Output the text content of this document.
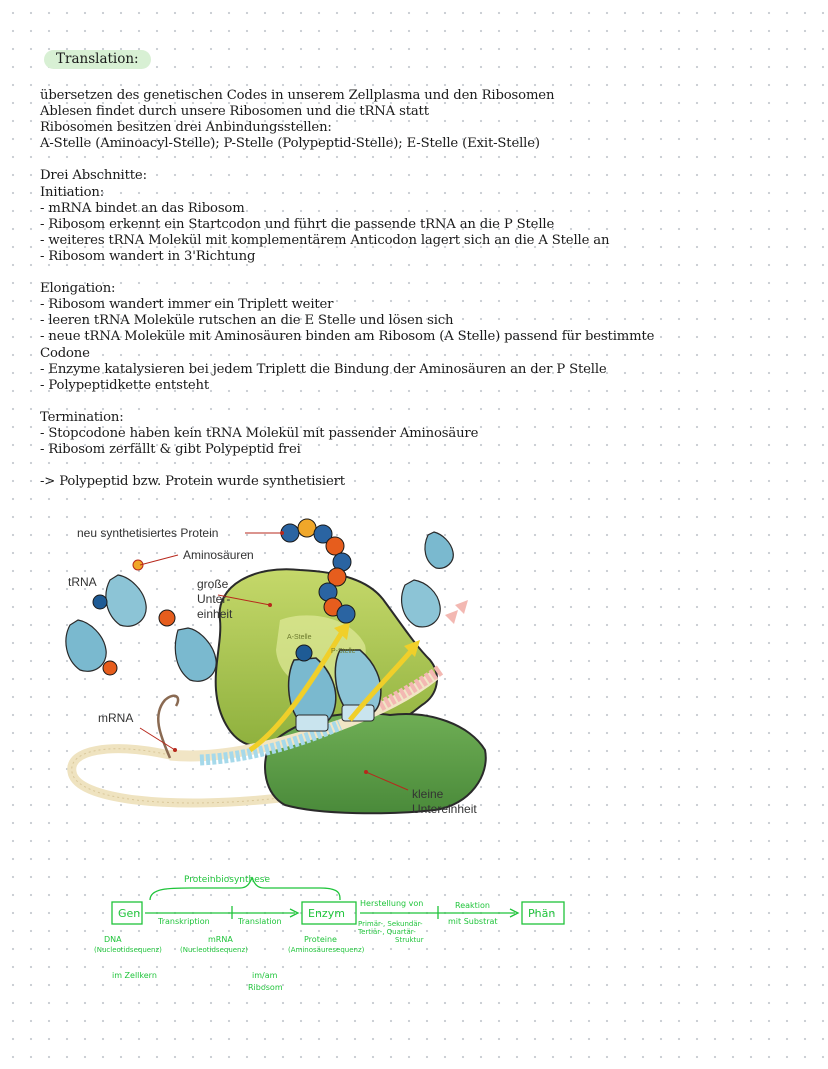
Translation:
übersetzen des genetischen Codes in unserem Zellplasma und den Ribosomen
Ablesen findet durch unsere Ribosomen und die tRNA statt
Ribosomen besitzen drei Anbindungsstellen:
A-Stelle (Aminoacyl-Stelle); P-Stelle (Polypeptid-Stelle); E-Stelle (Exit-Stelle)
Drei Abschnitte:
Initiation:
- mRNA bindet an das Ribosom
- Ribosom erkennt ein Startcodon und führt die passende tRNA an die P Stelle
- weiteres tRNA Molekül mit komplementärem Anticodon lagert sich an die A Stelle an
- Ribosom wandert in 3'Richtung
Elongation:
- Ribosom wandert immer ein Triplett weiter
- leeren tRNA Moleküle rutschen an die E Stelle und lösen sich
- neue tRNA Moleküle mit Aminosäuren binden am Ribosom (A Stelle) passend für bestimmte
Codone
- Enzyme katalysieren bei jedem Triplett die Bindung der Aminosäuren an der P Stelle
- Polypeptidkette entsteht
Termination:
- Stopcodone haben kein tRNA Molekül mit passender Aminosäure
- Ribosom zerfällt & gibt Polypeptid frei
-> Polypeptid bzw. Protein wurde synthetisiert
neu synthetisiertes Protein
Aminosäuren
tRNA	große
Unter-
einheit
mRNA
kleine
Untereinheit
A-Stelle
P-Stelle
Proteinbiosynthese
Gen	Enzym	Phän
Transkription	Translation
Herstellung von
Primär-, Sekundär-
Tertiär-, Quartär-
Struktur
Reaktion
mit Substrat
DNA
(Nucleotidsequenz)
mRNA
(Nucleotidsequenz)
Proteine
(Aminosäuresequenz)
im Zellkern	im/am
Ribosom
